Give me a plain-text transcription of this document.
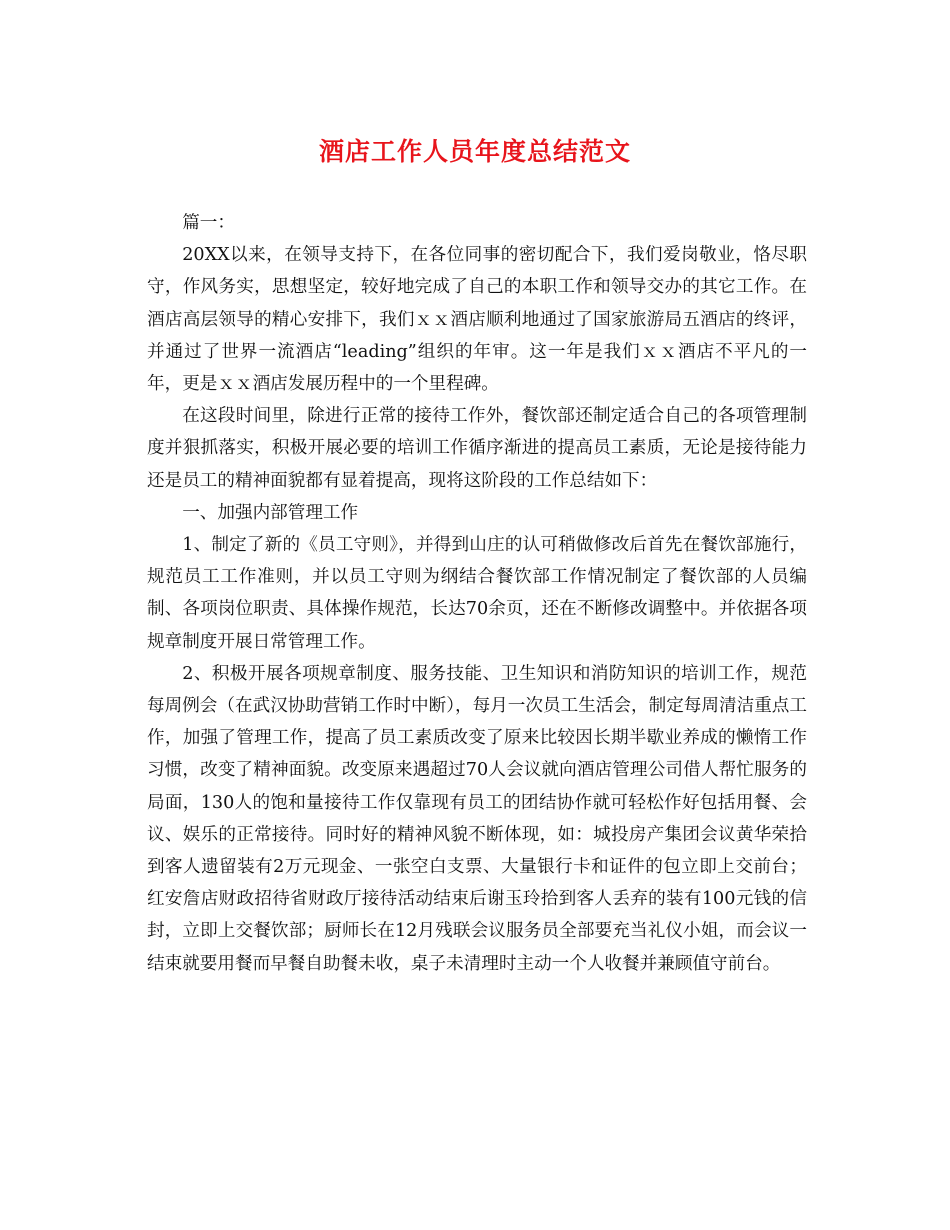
酒店工作人员年度总结范文

篇一：

20XX以来，在领导支持下，在各位同事的密切配合下，我们爱岗敬业，恪尽职守，作风务实，思想坚定，较好地完成了自己的本职工作和领导交办的其它工作。在酒店高层领导的精心安排下，我们ｘｘ酒店顺利地通过了国家旅游局五酒店的终评，并通过了世界一流酒店“leading”组织的年审。这一年是我们ｘｘ酒店不平凡的一年，更是ｘｘ酒店发展历程中的一个里程碑。

在这段时间里，除进行正常的接待工作外，餐饮部还制定适合自己的各项管理制度并狠抓落实，积极开展必要的培训工作循序渐进的提高员工素质，无论是接待能力还是员工的精神面貌都有显着提高，现将这阶段的工作总结如下：

一、加强内部管理工作

1、制定了新的《员工守则》，并得到山庄的认可稍做修改后首先在餐饮部施行，规范员工工作准则，并以员工守则为纲结合餐饮部工作情况制定了餐饮部的人员编制、各项岗位职责、具体操作规范，长达70余页，还在不断修改调整中。并依据各项规章制度开展日常管理工作。

2、积极开展各项规章制度、服务技能、卫生知识和消防知识的培训工作，规范每周例会（在武汉协助营销工作时中断），每月一次员工生活会，制定每周清洁重点工作，加强了管理工作，提高了员工素质改变了原来比较因长期半歇业养成的懒惰工作习惯，改变了精神面貌。改变原来遇超过70人会议就向酒店管理公司借人帮忙服务的局面，130人的饱和量接待工作仅靠现有员工的团结协作就可轻松作好包括用餐、会议、娱乐的正常接待。同时好的精神风貌不断体现，如：城投房产集团会议黄华荣拾到客人遗留装有2万元现金、一张空白支票、大量银行卡和证件的包立即上交前台；红安詹店财政招待省财政厅接待活动结束后谢玉玲拾到客人丢弃的装有100元钱的信封，立即上交餐饮部；厨师长在12月残联会议服务员全部要充当礼仪小姐，而会议一结束就要用餐而早餐自助餐未收，桌子未清理时主动一个人收餐并兼顾值守前台。
